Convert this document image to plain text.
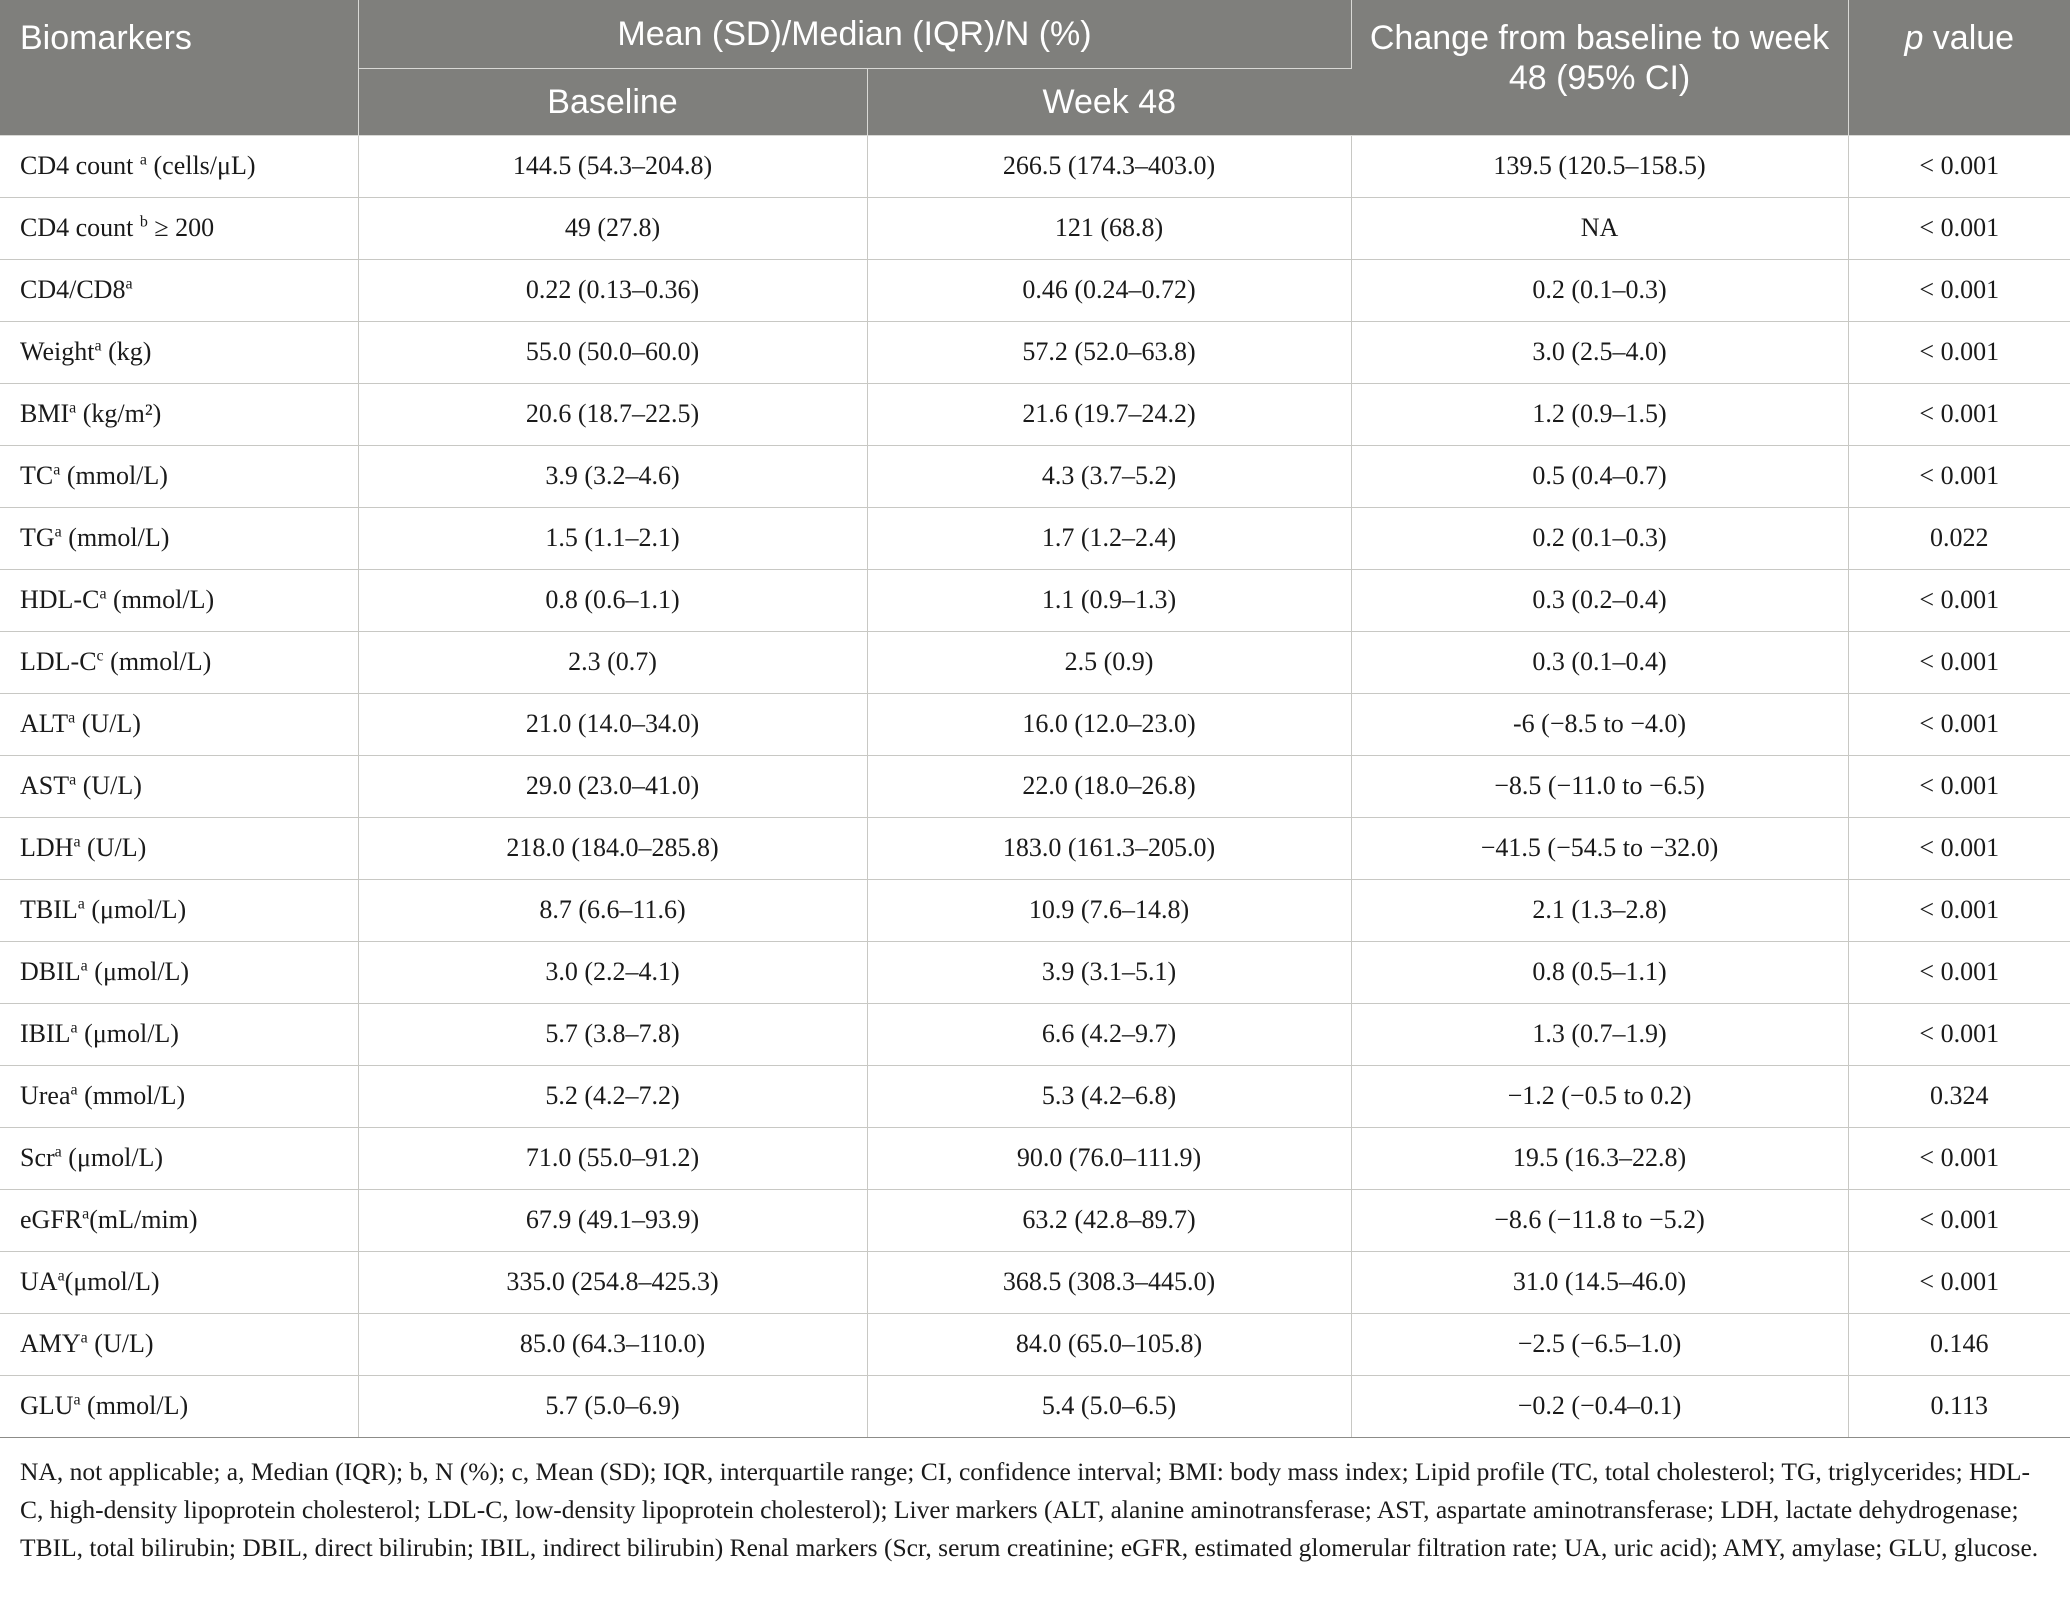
Biomarkers	Mean (SD)/Median (IQR)/N (%)		Change from baseline to week 48 (95% CI)	p value
	Baseline	Week 48		
CD4 count $^a$ (cells/μL)	144.5 (54.3–204.8)	266.5 (174.3–403.0)	139.5 (120.5–158.5)	< 0.001
CD4 count $^b$ ≥ 200	49 (27.8)	121 (68.8)	NA	< 0.001
CD4/CD8$^a$	0.22 (0.13–0.36)	0.46 (0.24–0.72)	0.2 (0.1–0.3)	< 0.001
Weight$^a$ (kg)	55.0 (50.0–60.0)	57.2 (52.0–63.8)	3.0 (2.5–4.0)	< 0.001
BMI$^a$ (kg/m²)	20.6 (18.7–22.5)	21.6 (19.7–24.2)	1.2 (0.9–1.5)	< 0.001
$TC^a$ (mmol/L)	3.9 (3.2–4.6)	4.3 (3.7–5.2)	0.5 (0.4–0.7)	< 0.001
$TG^a$ (mmol/L)	1.5 (1.1–2.1)	1.7 (1.2–2.4)	0.2 (0.1–0.3)	0.022
HDL-$C^a$ (mmol/L)	0.8 (0.6–1.1)	1.1 (0.9–1.3)	0.3 (0.2–0.4)	< 0.001
LDL-$C^c$ (mmol/L)	2.3 (0.7)	2.5 (0.9)	0.3 (0.1–0.4)	< 0.001
ALT$^a$ (U/L)	21.0 (14.0–34.0)	16.0 (12.0–23.0)	-6 (−8.5 to −4.0)	< 0.001
AST$^a$ (U/L)	29.0 (23.0–41.0)	22.0 (18.0–26.8)	−8.5 (−11.0 to −6.5)	< 0.001
LDH$^a$ (U/L)	218.0 (184.0–285.8)	183.0 (161.3–205.0)	−41.5 (−54.5 to −32.0)	< 0.001
TBIL$^a$ (μmol/L)	8.7 (6.6–11.6)	10.9 (7.6–14.8)	2.1 (1.3–2.8)	< 0.001
DBIL$^a$ (μmol/L)	3.0 (2.2–4.1)	3.9 (3.1–5.1)	0.8 (0.5–1.1)	< 0.001
IBIL$^a$ (μmol/L)	5.7 (3.8–7.8)	6.6 (4.2–9.7)	1.3 (0.7–1.9)	< 0.001
Urea$^a$ (mmol/L)	5.2 (4.2–7.2)	5.3 (4.2–6.8)	−1.2 (−0.5 to 0.2)	0.324
Scr$^a$ (μmol/L)	71.0 (55.0–91.2)	90.0 (76.0–111.9)	19.5 (16.3–22.8)	< 0.001
eGFR$^a$(mL/mim)	67.9 (49.1–93.9)	63.2 (42.8–89.7)	−8.6 (−11.8 to −5.2)	< 0.001
$UA^a(\mu mol/L)$	335.0 (254.8–425.3)	368.5 (308.3–445.0)	31.0 (14.5–46.0)	< 0.001
AMY$^a$ (U/L)	85.0 (64.3–110.0)	84.0 (65.0–105.8)	−2.5 (−6.5–1.0)	0.146
GLU$^a$ (mmol/L)	5.7 (5.0–6.9)	5.4 (5.0–6.5)	−0.2 (−0.4–0.1)	0.113
NA, not applicable; a, Median (IQR); b, N (%); c, Mean (SD); IQR, interquartile range; CI, confidence interval; BMI: body mass index; Lipid profile (TC, total cholesterol; TG, triglycerides; HDL-C, high-density lipoprotein cholesterol; LDL-C, low-density lipoprotein cholesterol); Liver markers (ALT, alanine aminotransferase; AST, aspartate aminotransferase; LDH, lactate dehydrogenase; TBIL, total bilirubin; DBIL, direct bilirubin; IBIL, indirect bilirubin) Renal markers (Scr, serum creatinine; eGFR, estimated glomerular filtration rate; UA, uric acid); AMY, amylase; GLU, glucose.
